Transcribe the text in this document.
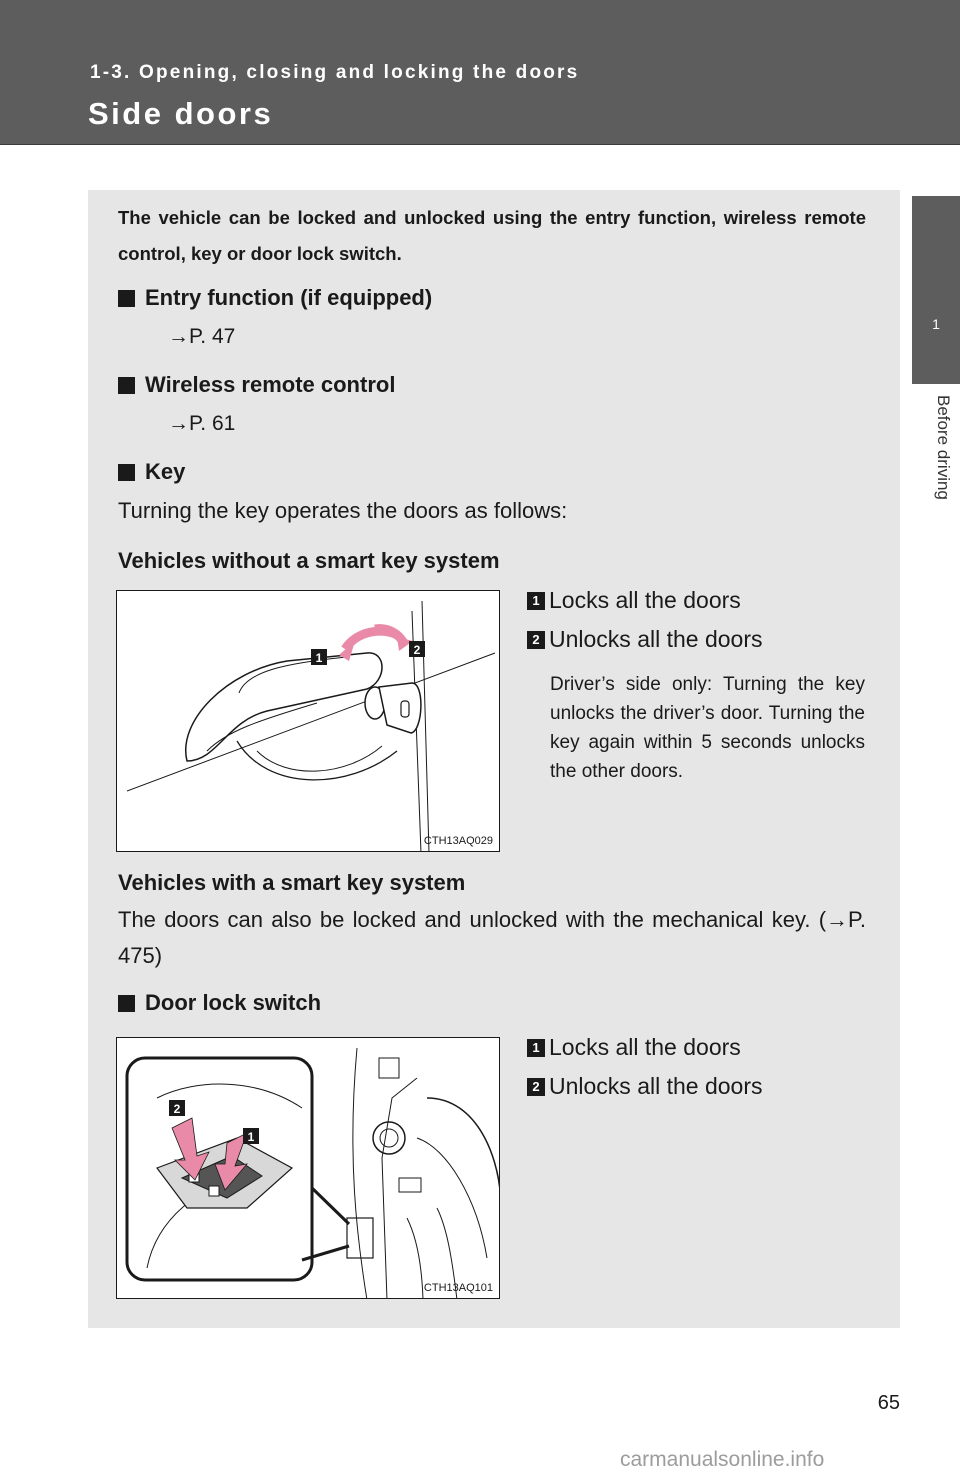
1-3. Opening, closing and locking the doors
Side doors
1
Before driving
The vehicle can be locked and unlocked using the entry function, wireless remote control, key or door lock switch.
Entry function (if equipped)
→P. 47
Wireless remote control
→P. 61
Key
Turning the key operates the doors as follows:
Vehicles without a smart key system
1
2
CTH13AQ029
1 Locks all the doors
2 Unlocks all the doors
Driver’s side only: Turning the key unlocks the driver’s door. Turning the key again within 5 seconds unlocks the other doors.
Vehicles with a smart key system
The doors can also be locked and unlocked with the mechanical key. (→P. 475)
Door lock switch
2
1
CTH13AQ101
1 Locks all the doors
2 Unlocks all the doors
65
carmanualsonline.info
